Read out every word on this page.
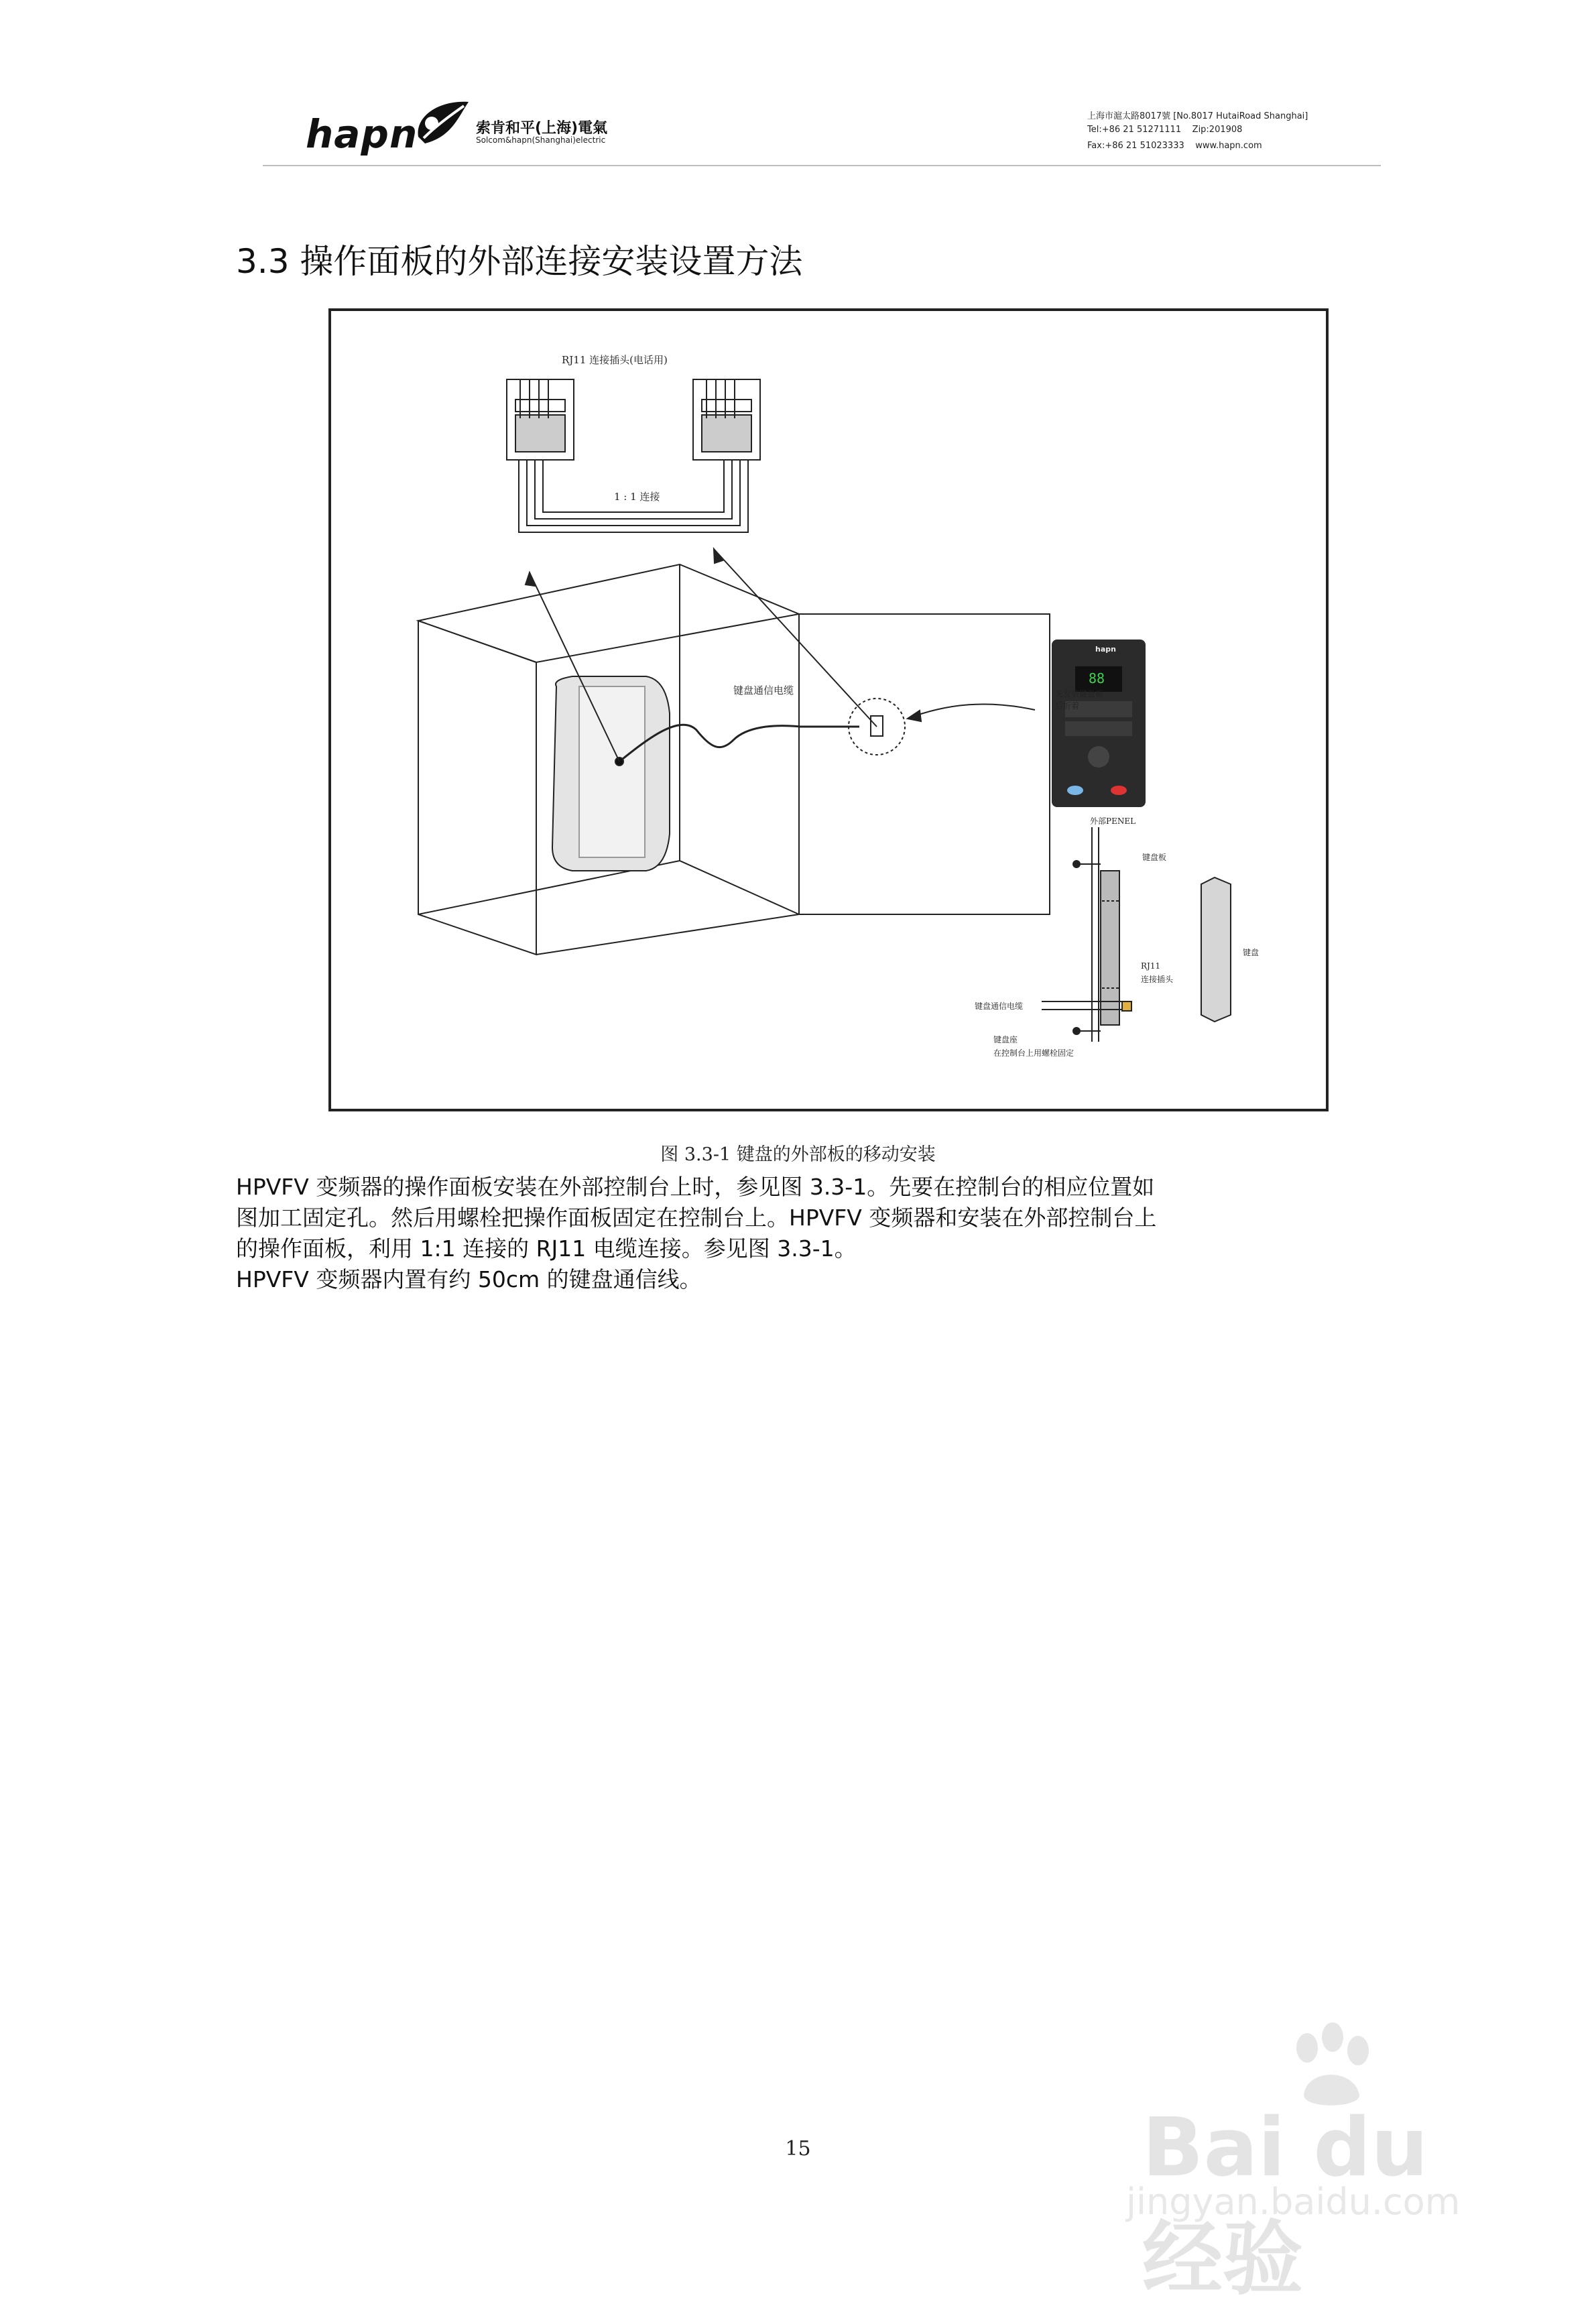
hapn	索肯和平(上海)電氣
Solcom&hapn(Shanghai)electric
上海市滬太路8017號 [No.8017 HutaiRoad Shanghai]
Tel:+86 21 51271111    Zip:201908
Fax:+86 21 51023333    www.hapn.com
3.3 操作面板的外部连接安装设置方法
RJ11 连接插头(电话用)
1 : 1 连接
键盘通信电缆	先安装键盘板
后折着
外部PENEL
键盘板
键盘
RJ11
连接插头
键盘通信电缆
键盘座
在控制台上用螺栓固定
hapn
88
图 3.3-1 键盘的外部板的移动安装

HPVFV 变频器的操作面板安装在外部控制台上时，参见图 3.3-1。先要在控制台的相应位置如

图加工固定孔。然后用螺栓把操作面板固定在控制台上。HPVFV 变频器和安装在外部控制台上

的操作面板，利用 1:1 连接的 RJ11 电缆连接。参见图 3.3-1。

HPVFV 变频器内置有约 50cm 的键盘通信线。

15	Bai du 经验
jingyan.baidu.com
